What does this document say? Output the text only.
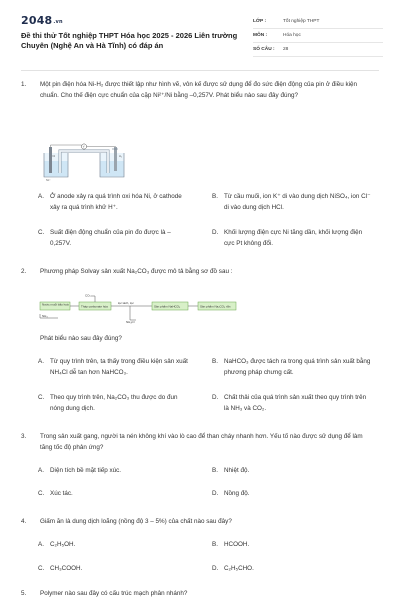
2048.vn
Đề thi thử Tốt nghiệp THPT Hóa học 2025 - 2026 Liên trường Chuyên (Nghệ An và Hà Tĩnh) có đáp án
LỚP :	Tốt nghiệp THPT
MÔN :	Hóa học
SỐ CÂU :	28
1.	Một pin điện hóa Ni-H₂ được thiết lập như hình vẽ, vôn kế được sử dụng để đo sức điện động của pin ở điều kiện chuẩn. Cho thế điện cực chuẩn của cặp Ni²⁺/Ni bằng –0,257V. Phát biểu nào sau đây đúng?
V
Ni²⁺
Ni	H₂
A. Ở anode xảy ra quá trình oxi hóa Ni, ở cathode xảy ra quá trình khử H⁺.
B. Từ cầu muối, ion K⁺ di vào dung dịch NiSO₄, ion Cl⁻ di vào dung dịch HCl.
C. Suất điện động chuẩn của pin đo được là –0,257V.
D. Khối lượng điện cực Ni tăng dần, khối lượng điện cực Pt không đổi.
2.	Phương pháp Solvay sản xuất Na₂CO₃ được mô tả bằng sơ đồ sau :
Nước muối bão hoà	Tháp carbonate hóa
CO₂
NH₃
lọc tách, lọc
NH₄Cl
Sản phẩm NaHCO₃	Sản phẩm Na₂CO₃ rắn
Phát biểu nào sau đây đúng?
A. Từ quy trình trên, ta thấy trong điều kiện sản xuất NH₄Cl dễ tan hơn NaHCO₃.
B. NaHCO₃ được tách ra trong quá trình sản xuất bằng phương pháp chưng cất.
C. Theo quy trình trên, Na₂CO₃ thu được do đun nóng dung dịch.
D. Chất thải của quá trình sản xuất theo quy trình trên là NH₃ và CO₂.
3.	Trong sản xuất gang, người ta nén không khí vào lò cao để than cháy nhanh hơn. Yếu tố nào được sử dụng để làm tăng tốc độ phản ứng?
A. Diện tích bề mặt tiếp xúc.	B. Nhiệt độ.
C. Xúc tác.	D. Nồng độ.
4.	Giấm ăn là dung dịch loãng (nồng độ 3 – 5%) của chất nào sau đây?
A. C₂H₅OH.	B. HCOOH.
C. CH₃COOH.	D. C₂H₅CHO.
5.	Polymer nào sau đây có cấu trúc mạch phân nhánh?
